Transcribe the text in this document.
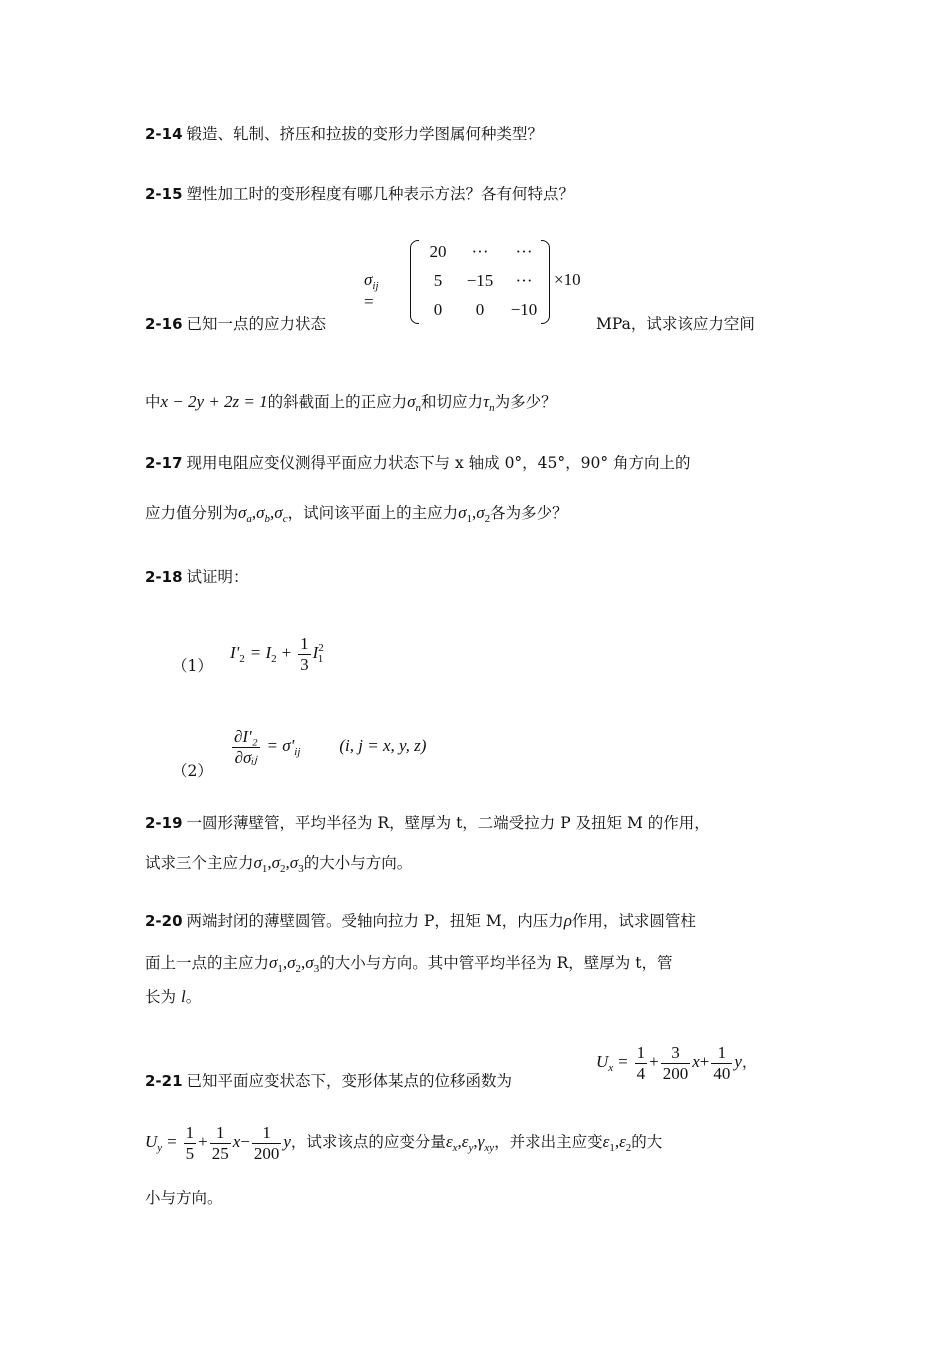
2-14 锻造、轧制、挤压和拉拔的变形力学图属何种类型？
2-15 塑性加工时的变形程度有哪几种表示方法？各有何特点？
$\sigma_{ij}$ =
20	···	···
5	−15	···
0	0	−10
×10
2-16 已知一点的应力状态	MPa，试求该应力空间
中x − 2y + 2z = 1的斜截面上的正应力$\sigma_n$和切应力$\tau_n$为多少？
2-17 现用电阻应变仪测得平面应力状态下与 x 轴成 0°，45°，90° 角方向上的
应力值分别为$\sigma_a,\sigma_b,\sigma_c$，试问该平面上的主应力$\sigma_1,\sigma_2$各为多少？
2-18 试证明：
（1）
$I'_2 = I_2 + \frac{1}{3} I^2_1$
（2）
$\frac{\text{∂I'₂}}{\text{∂σᵢⱼ}} = \sigma'_{ij}$ (i, j = x, y, z)
2-19 一圆形薄壁管，平均半径为 R，壁厚为 t，二端受拉力 P 及扭矩 M 的作用，
试求三个主应力$\sigma_1,\sigma_2,\sigma_3$的大小与方向。
2-20 两端封闭的薄壁圆管。受轴向拉力 P，扭矩 M，内压力ρ作用，试求圆管柱
面上一点的主应力$\sigma_1,\sigma_2,\sigma_3$的大小与方向。其中管平均半径为 R，壁厚为 t，管
长为 l。
2-21 已知平面应变状态下，变形体某点的位移函数为
$U_x = \frac{1}{4} + \frac{3}{200} x+ \frac{1}{40}$ y，
$U_y = \frac{1}{5} + \frac{1}{25} x- \frac{1}{200}$ y，试求该点的应变分量$\varepsilon_x,\varepsilon_y,\gamma_{xy}$，并求出主应变$\varepsilon_1,\varepsilon_2$的大
小与方向。
